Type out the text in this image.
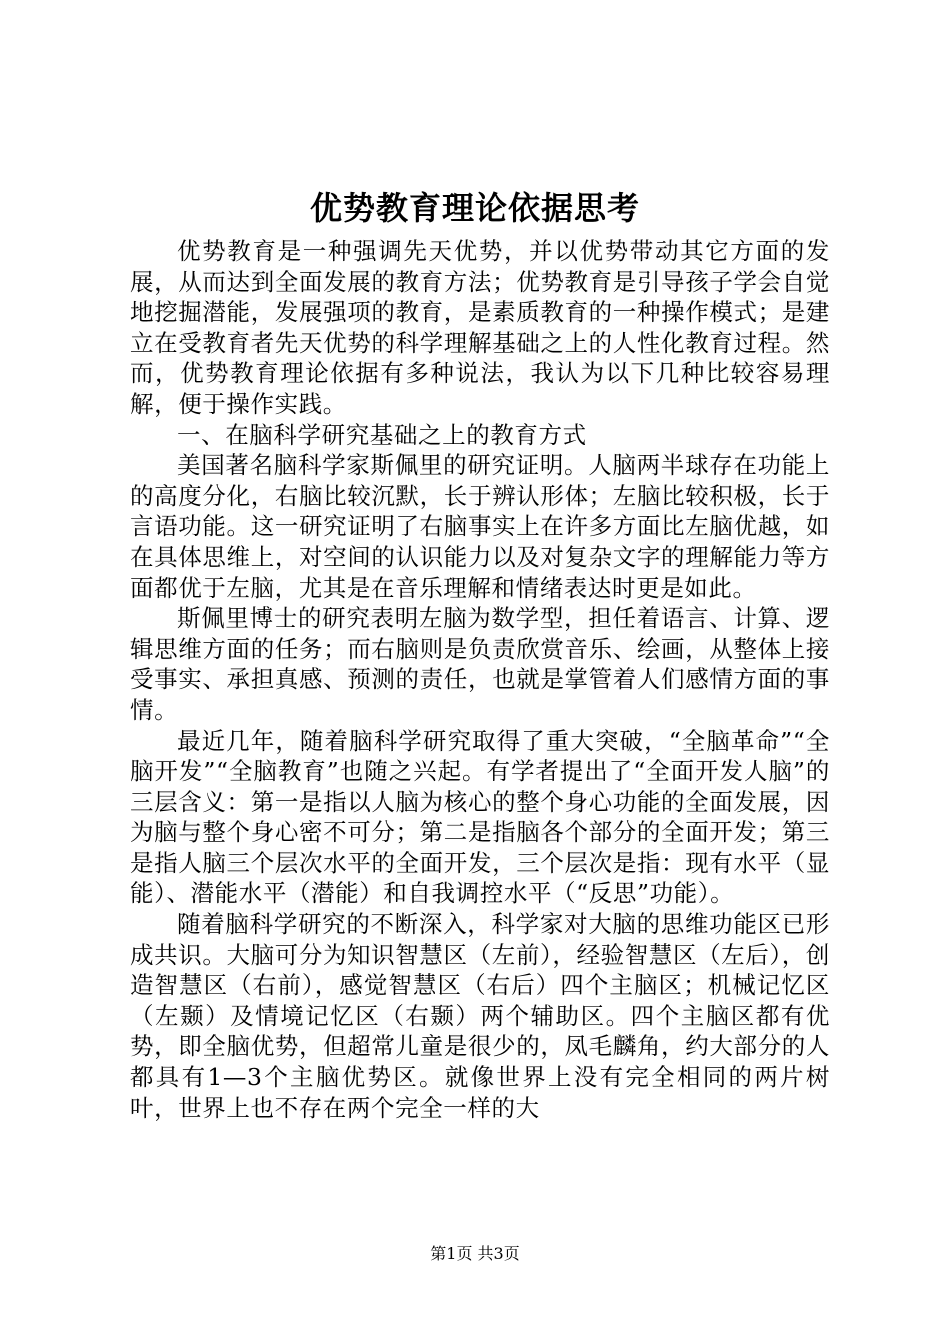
优势教育理论依据思考

优势教育是一种强调先天优势，并以优势带动其它方面的发展，从而达到全面发展的教育方法；优势教育是引导孩子学会自觉地挖掘潜能，发展强项的教育，是素质教育的一种操作模式；是建立在受教育者先天优势的科学理解基础之上的人性化教育过程。然而，优势教育理论依据有多种说法，我认为以下几种比较容易理解，便于操作实践。

一、在脑科学研究基础之上的教育方式

美国著名脑科学家斯佩里的研究证明。人脑两半球存在功能上的高度分化，右脑比较沉默，长于辨认形体；左脑比较积极，长于言语功能。这一研究证明了右脑事实上在许多方面比左脑优越，如在具体思维上，对空间的认识能力以及对复杂文字的理解能力等方面都优于左脑，尤其是在音乐理解和情绪表达时更是如此。

斯佩里博士的研究表明左脑为数学型，担任着语言、计算、逻辑思维方面的任务；而右脑则是负责欣赏音乐、绘画，从整体上接受事实、承担真感、预测的责任，也就是掌管着人们感情方面的事情。

最近几年，随着脑科学研究取得了重大突破，“全脑革命”“全脑开发”“全脑教育”也随之兴起。有学者提出了“全面开发人脑”的三层含义：第一是指以人脑为核心的整个身心功能的全面发展，因为脑与整个身心密不可分；第二是指脑各个部分的全面开发；第三是指人脑三个层次水平的全面开发，三个层次是指：现有水平（显能）、潜能水平（潜能）和自我调控水平（“反思”功能）。

随着脑科学研究的不断深入，科学家对大脑的思维功能区已形成共识。大脑可分为知识智慧区（左前），经验智慧区（左后），创造智慧区（右前），感觉智慧区（右后）四个主脑区；机械记忆区（左颞）及情境记忆区（右颞）两个辅助区。四个主脑区都有优势，即全脑优势，但超常儿童是很少的，凤毛麟角，约大部分的人都具有1—3个主脑优势区。就像世界上没有完全相同的两片树叶，世界上也不存在两个完全一样的大

第1页 共3页
